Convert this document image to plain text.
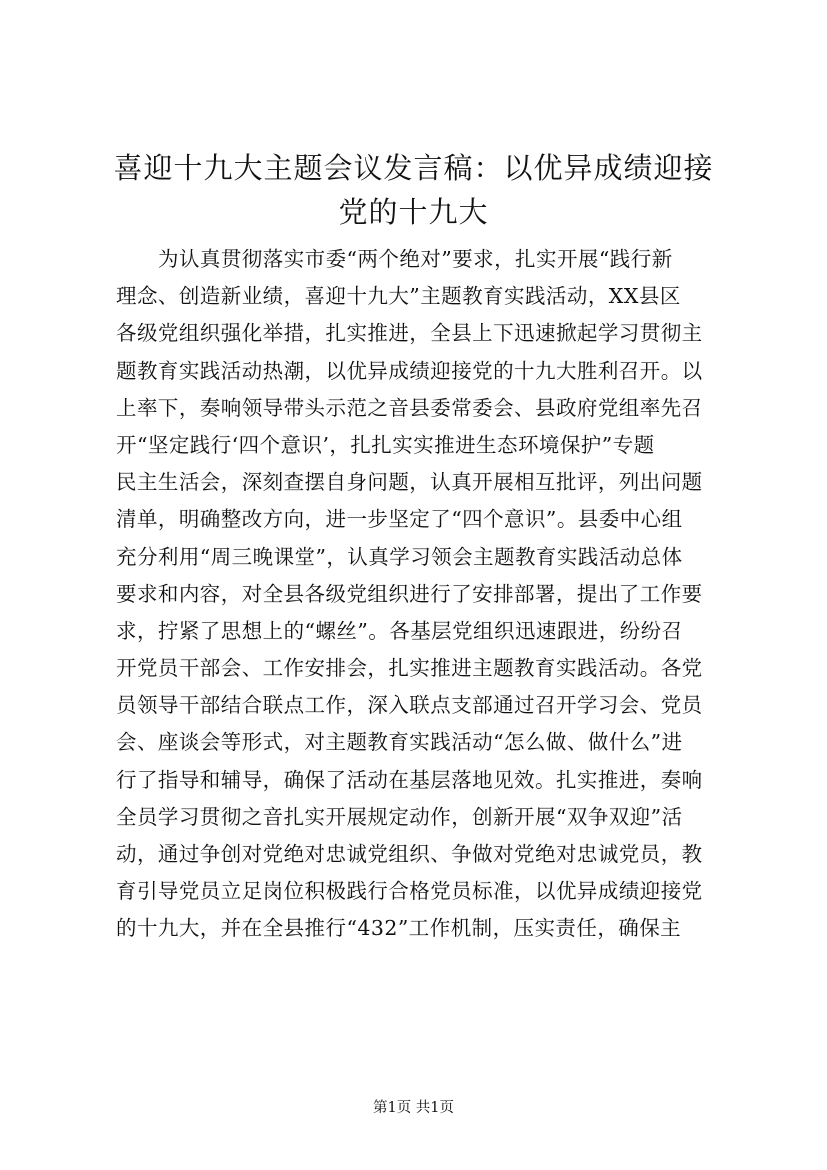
喜迎十九大主题会议发言稿：以优异成绩迎接
党的十九大
为认真贯彻落实市委“两个绝对”要求，扎实开展“践行新
理念、创造新业绩，喜迎十九大”主题教育实践活动，XX县区
各级党组织强化举措，扎实推进，全县上下迅速掀起学习贯彻主
题教育实践活动热潮，以优异成绩迎接党的十九大胜利召开。以
上率下，奏响领导带头示范之音县委常委会、县政府党组率先召
开“坚定践行‘四个意识’，扎扎实实推进生态环境保护”专题
民主生活会，深刻查摆自身问题，认真开展相互批评，列出问题
清单，明确整改方向，进一步坚定了“四个意识”。县委中心组
充分利用“周三晚课堂”，认真学习领会主题教育实践活动总体
要求和内容，对全县各级党组织进行了安排部署，提出了工作要
求，拧紧了思想上的“螺丝”。各基层党组织迅速跟进，纷纷召
开党员干部会、工作安排会，扎实推进主题教育实践活动。各党
员领导干部结合联点工作，深入联点支部通过召开学习会、党员
会、座谈会等形式，对主题教育实践活动“怎么做、做什么”进
行了指导和辅导，确保了活动在基层落地见效。扎实推进，奏响
全员学习贯彻之音扎实开展规定动作，创新开展“双争双迎”活
动，通过争创对党绝对忠诚党组织、争做对党绝对忠诚党员，教
育引导党员立足岗位积极践行合格党员标准，以优异成绩迎接党
的十九大，并在全县推行“432”工作机制，压实责任，确保主
第1页 共1页
